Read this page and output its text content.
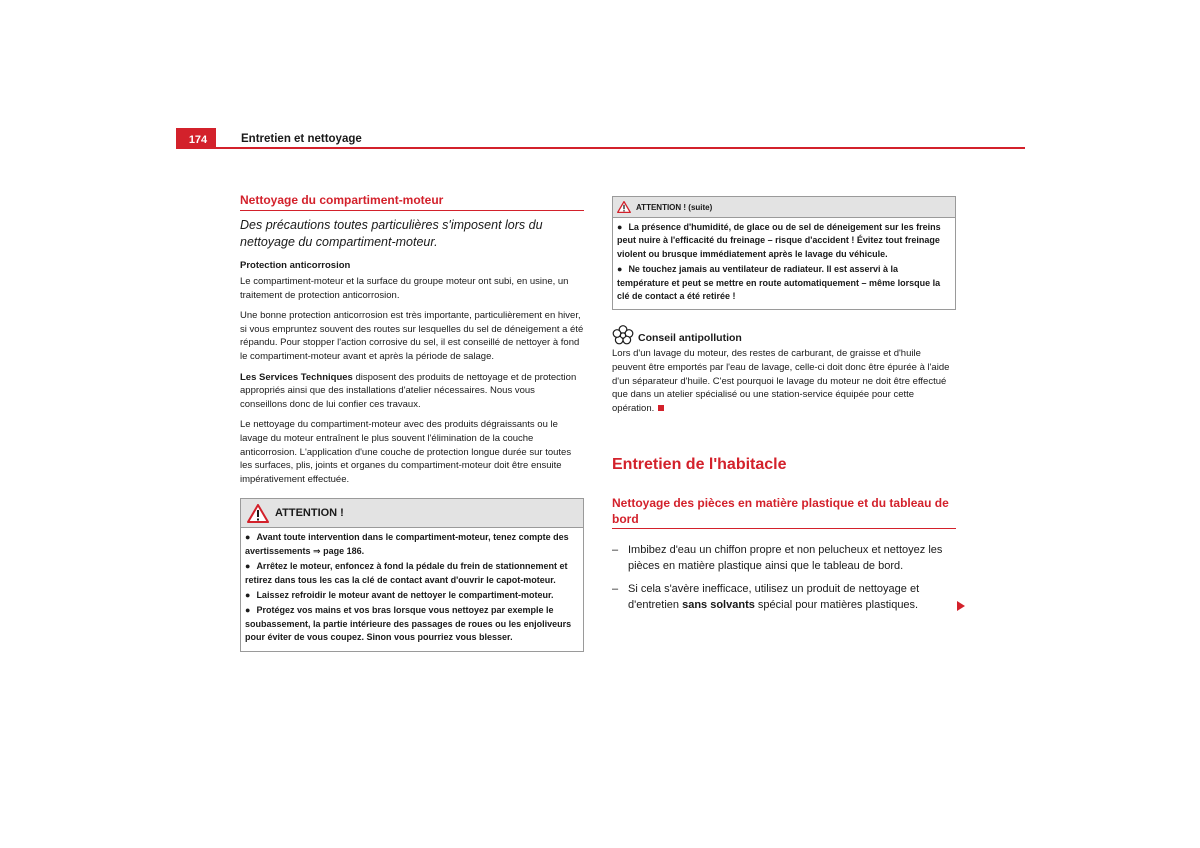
174	Entretien et nettoyage
Nettoyage du compartiment-moteur
Des précautions toutes particulières s'imposent lors du nettoyage du compartiment-moteur.
Protection anticorrosion

Le compartiment-moteur et la surface du groupe moteur ont subi, en usine, un traitement de protection anticorrosion.

Une bonne protection anticorrosion est très importante, particulièrement en hiver, si vous empruntez souvent des routes sur lesquelles du sel de déneigement a été répandu. Pour stopper l'action corrosive du sel, il est conseillé de nettoyer à fond le compartiment-moteur avant et après la période de salage.

Les Services Techniques disposent des produits de nettoyage et de protection appropriés ainsi que des installations d'atelier nécessaires. Nous vous conseillons donc de lui confier ces travaux.

Le nettoyage du compartiment-moteur avec des produits dégraissants ou le lavage du moteur entraînent le plus souvent l'élimination de la couche anticorrosion. L'application d'une couche de protection longue durée sur toutes les surfaces, plis, joints et organes du compartiment-moteur doit être ensuite impérativement effectuée.

ATTENTION !
● Avant toute intervention dans le compartiment-moteur, tenez compte des avertissements ⇒ page 186.
● Arrêtez le moteur, enfoncez à fond la pédale du frein de stationnement et retirez dans tous les cas la clé de contact avant d'ouvrir le capot-moteur.
● Laissez refroidir le moteur avant de nettoyer le compartiment-moteur.
● Protégez vos mains et vos bras lorsque vous nettoyez par exemple le soubassement, la partie intérieure des passages de roues ou les enjoliveurs pour éviter de vous coupez. Sinon vous pourriez vous blesser.
ATTENTION ! (suite)
● La présence d'humidité, de glace ou de sel de déneigement sur les freins peut nuire à l'efficacité du freinage – risque d'accident ! Évitez tout freinage violent ou brusque immédiatement après le lavage du véhicule.
● Ne touchez jamais au ventilateur de radiateur. Il est asservi à la température et peut se mettre en route automatiquement – même lorsque la clé de contact a été retirée !
Conseil antipollution

Lors d'un lavage du moteur, des restes de carburant, de graisse et d'huile peuvent être emportés par l'eau de lavage, celle-ci doit donc être épurée à l'aide d'un séparateur d'huile. C'est pourquoi le lavage du moteur ne doit être effectué que dans un atelier spécialisé ou une station-service équipée pour cette opération.

Entretien de l'habitacle
Nettoyage des pièces en matière plastique et du tableau de bord
– Imbibez d'eau un chiffon propre et non pelucheux et nettoyez les pièces en matière plastique ainsi que le tableau de bord.
– Si cela s'avère inefficace, utilisez un produit de nettoyage et d'entretien sans solvants spécial pour matières plastiques.
